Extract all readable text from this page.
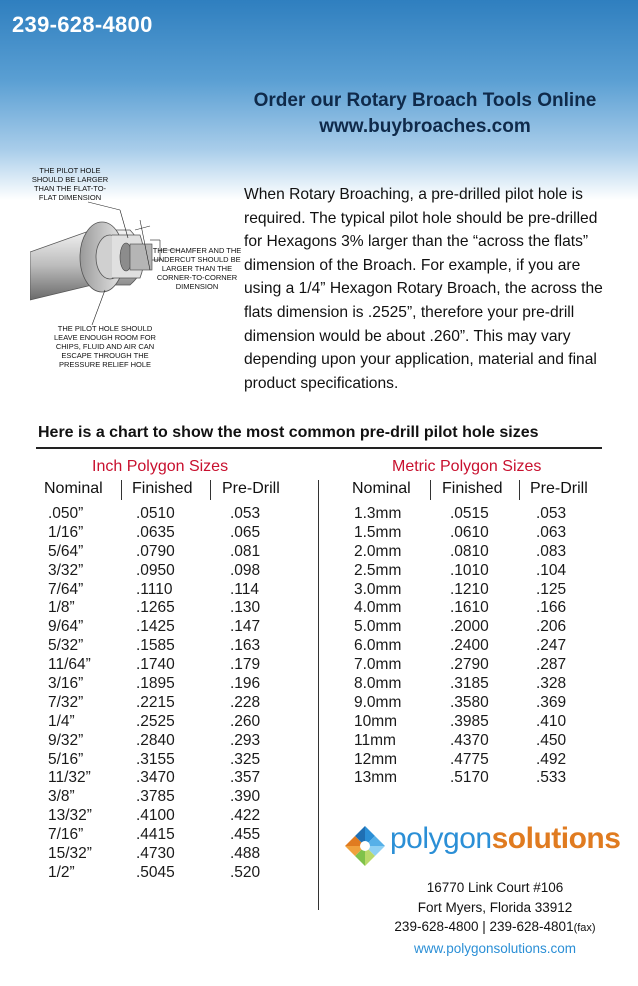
239-628-4800
Order our Rotary Broach Tools Online
www.buybroaches.com
THE PILOT HOLE SHOULD BE LARGER THAN THE FLAT-TO-FLAT DIMENSION
THE CHAMFER AND THE UNDERCUT SHOULD BE LARGER THAN THE CORNER-TO-CORNER DIMENSION
THE PILOT HOLE SHOULD LEAVE ENOUGH ROOM FOR CHIPS, FLUID AND AIR CAN ESCAPE THROUGH THE PRESSURE RELIEF HOLE
When Rotary Broaching, a pre-drilled pilot hole is required. The typical pilot hole should be pre-drilled for Hexagons 3% larger than the “across the flats” dimension of the Broach. For example, if you are using a 1/4” Hexagon Rotary Broach, the across the flats dimension is .2525”, therefore your pre-drill dimension would be about .260”. This may vary depending upon your application, material and final product specifications.
Here is a chart to show the most common pre-drill pilot hole sizes
Inch Polygon Sizes
Nominal Finished Pre-Drill
.050”	.0510	.053
1/16”	.0635	.065
5/64”	.0790	.081
3/32”	.0950	.098
7/64”	.1110	.114
1/8”	.1265	.130
9/64”	.1425	.147
5/32”	.1585	.163
11/64”	.1740	.179
3/16”	.1895	.196
7/32”	.2215	.228
1/4”	.2525	.260
9/32”	.2840	.293
5/16”	.3155	.325
11/32”	.3470	.357
3/8”	.3785	.390
13/32”	.4100	.422
7/16”	.4415	.455
15/32”	.4730	.488
1/2”	.5045	.520
Metric Polygon Sizes
Nominal Finished Pre-Drill
1.3mm	.0515	.053
1.5mm	.0610	.063
2.0mm	.0810	.083
2.5mm	.1010	.104
3.0mm	.1210	.125
4.0mm	.1610	.166
5.0mm	.2000	.206
6.0mm	.2400	.247
7.0mm	.2790	.287
8.0mm	.3185	.328
9.0mm	.3580	.369
10mm	.3985	.410
11mm	.4370	.450
12mm	.4775	.492
13mm	.5170	.533
polygonsolutions
16770 Link Court #106
Fort Myers, Florida 33912
239-628-4800 | 239-628-4801(fax)
www.polygonsolutions.com
